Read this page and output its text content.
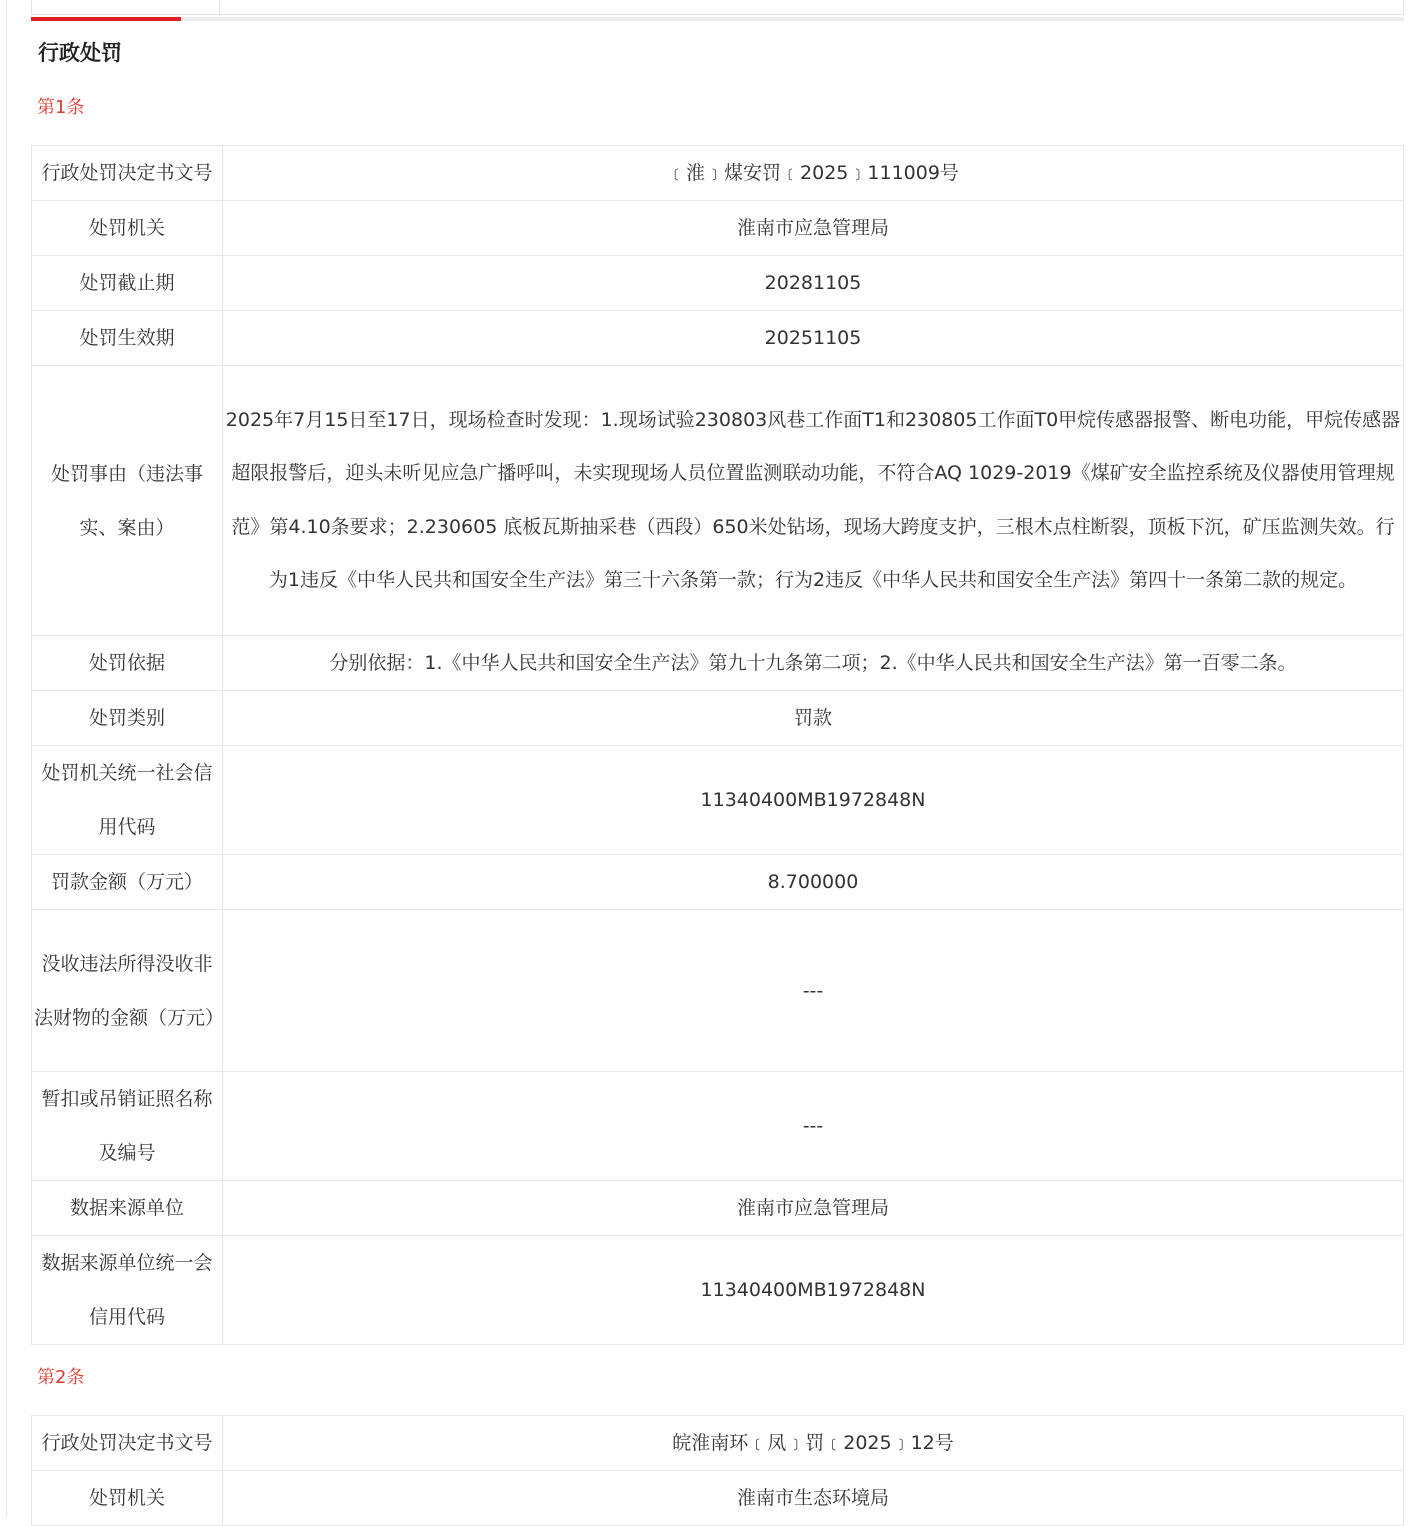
行政处罚
第1条
行政处罚决定书文号	﹝淮﹞煤安罚﹝2025﹞111009号
处罚机关	淮南市应急管理局
处罚截止期	20281105
处罚生效期	20251105
处罚事由（违法事实、案由）	2025年7月15日至17日，现场检查时发现：1.现场试验230803风巷工作面T1和230805工作面T0甲烷传感器报警、断电功能，甲烷传感器超限报警后，迎头未听见应急广播呼叫，未实现现场人员位置监测联动功能，不符合AQ 1029-2019《煤矿安全监控系统及仪器使用管理规范》第4.10条要求；2.230605 底板瓦斯抽采巷（西段）650米处钻场，现场大跨度支护，三根木点柱断裂，顶板下沉，矿压监测失效。行为1违反《中华人民共和国安全生产法》第三十六条第一款；行为2违反《中华人民共和国安全生产法》第四十一条第二款的规定。
处罚依据	分别依据：1.《中华人民共和国安全生产法》第九十九条第二项；2.《中华人民共和国安全生产法》第一百零二条。
处罚类别	罚款
处罚机关统一社会信用代码	11340400MB1972848N
罚款金额（万元）	8.700000
没收违法所得没收非法财物的金额（万元）	---
暂扣或吊销证照名称及编号	---
数据来源单位	淮南市应急管理局
数据来源单位统一会信用代码	11340400MB1972848N
第2条
行政处罚决定书文号	皖淮南环﹝凤﹞罚﹝2025﹞12号
处罚机关	淮南市生态环境局
